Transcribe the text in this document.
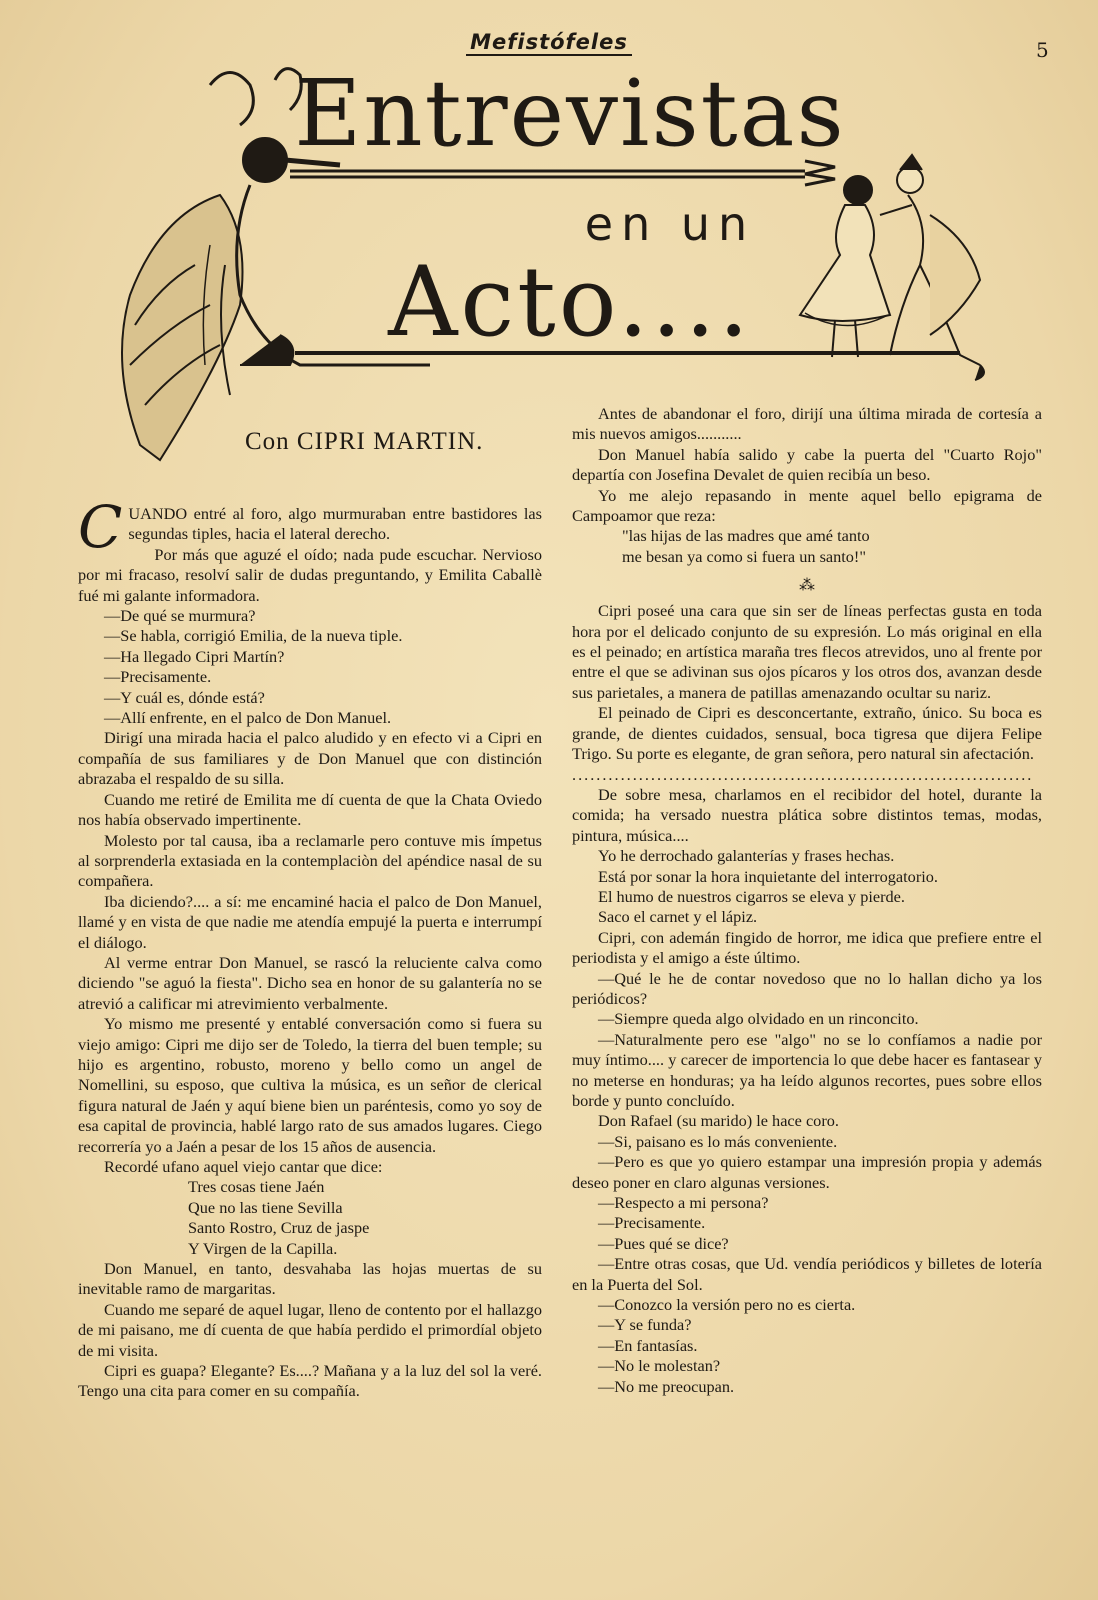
Mefistófeles	5
Entrevistas
en un
Acto....
Con CIPRI MARTIN.

CUANDO entré al foro, algo murmuraban entre bastidores las segundas tiples, hacia el lateral derecho.

Por más que aguzé el oído; nada pude escuchar. Nervioso por mi fracaso, resolví salir de dudas preguntando, y Emilita Caballè fué mi galante informadora.

—De qué se murmura?

—Se habla, corrigió Emilia, de la nueva tiple.

—Ha llegado Cipri Martín?

—Precisamente.

—Y cuál es, dónde está?

—Allí enfrente, en el palco de Don Manuel.

Dirigí una mirada hacia el palco aludido y en efecto vi a Cipri en compañía de sus familiares y de Don Manuel que con distinción abrazaba el respaldo de su silla.

Cuando me retiré de Emilita me dí cuenta de que la Chata Oviedo nos había observado impertinente.

Molesto por tal causa, iba a reclamarle pero contuve mis ímpetus al sorprenderla extasiada en la contemplaciòn del apéndice nasal de su compañera.

Iba diciendo?.... a sí: me encaminé hacia el palco de Don Manuel, llamé y en vista de que nadie me atendía empujé la puerta e interrumpí el diálogo.

Al verme entrar Don Manuel, se rascó la reluciente calva como diciendo "se aguó la fiesta". Dicho sea en honor de su galantería no se atrevió a calificar mi atrevimiento verbalmente.

Yo mismo me presenté y entablé conversación como si fuera su viejo amigo: Cipri me dijo ser de Toledo, la tierra del buen temple; su hijo es argentino, robusto, moreno y bello como un angel de Nomellini, su esposo, que cultiva la música, es un señor de clerical figura natural de Jaén y aquí biene bien un paréntesis, como yo soy de esa capital de provincia, hablé largo rato de sus amados lugares. Ciego recorrería yo a Jaén a pesar de los 15 años de ausencia.

Recordé ufano aquel viejo cantar que dice:

Tres cosas tiene Jaén

Que no las tiene Sevilla

Santo Rostro, Cruz de jaspe

Y Virgen de la Capilla.

Don Manuel, en tanto, desvahaba las hojas muertas de su inevitable ramo de margaritas.

Cuando me separé de aquel lugar, lleno de contento por el hallazgo de mi paisano, me dí cuenta de que había perdido el primordíal objeto de mi visita.

Cipri es guapa? Elegante? Es....? Mañana y a la luz del sol la veré. Tengo una cita para comer en su compañía.

Antes de abandonar el foro, dirijí una última mirada de cortesía a mis nuevos amigos...........

Don Manuel había salido y cabe la puerta del "Cuarto Rojo" departía con Josefina Devalet de quien recibía un beso.

Yo me alejo repasando in mente aquel bello epigrama de Campoamor que reza:

"las hijas de las madres que amé tanto

me besan ya como si fuera un santo!"

⁂

Cipri poseé una cara que sin ser de líneas perfectas gusta en toda hora por el delicado conjunto de su expresión. Lo más original en ella es el peinado; en artística maraña tres flecos atrevidos, uno al frente por entre el que se adivinan sus ojos pícaros y los otros dos, avanzan desde sus parietales, a manera de patillas amenazando ocultar su nariz.

El peinado de Cipri es desconcertante, extraño, único. Su boca es grande, de dientes cuidados, sensual, boca tigresa que dijera Felipe Trigo. Su porte es elegante, de gran señora, pero natural sin afectación.

............................................................................

De sobre mesa, charlamos en el recibidor del hotel, durante la comida; ha versado nuestra plática sobre distintos temas, modas, pintura, música....

Yo he derrochado galanterías y frases hechas.

Está por sonar la hora inquietante del interrogatorio.

El humo de nuestros cigarros se eleva y pierde.

Saco el carnet y el lápiz.

Cipri, con ademán fingido de horror, me idica que prefiere entre el periodista y el amigo a éste último.

—Qué le he de contar novedoso que no lo hallan dicho ya los periódicos?

—Siempre queda algo olvidado en un rinconcito.

—Naturalmente pero ese "algo" no se lo confíamos a nadie por muy íntimo.... y carecer de importencia lo que debe hacer es fantasear y no meterse en honduras; ya ha leído algunos recortes, pues sobre ellos borde y punto concluído.

Don Rafael (su marido) le hace coro.

—Si, paisano es lo más conveniente.

—Pero es que yo quiero estampar una impresión propia y además deseo poner en claro algunas versiones.

—Respecto a mi persona?

—Precisamente.

—Pues qué se dice?

—Entre otras cosas, que Ud. vendía periódicos y billetes de lotería en la Puerta del Sol.

—Conozco la versión pero no es cierta.

—Y se funda?

—En fantasías.

—No le molestan?

—No me preocupan.
